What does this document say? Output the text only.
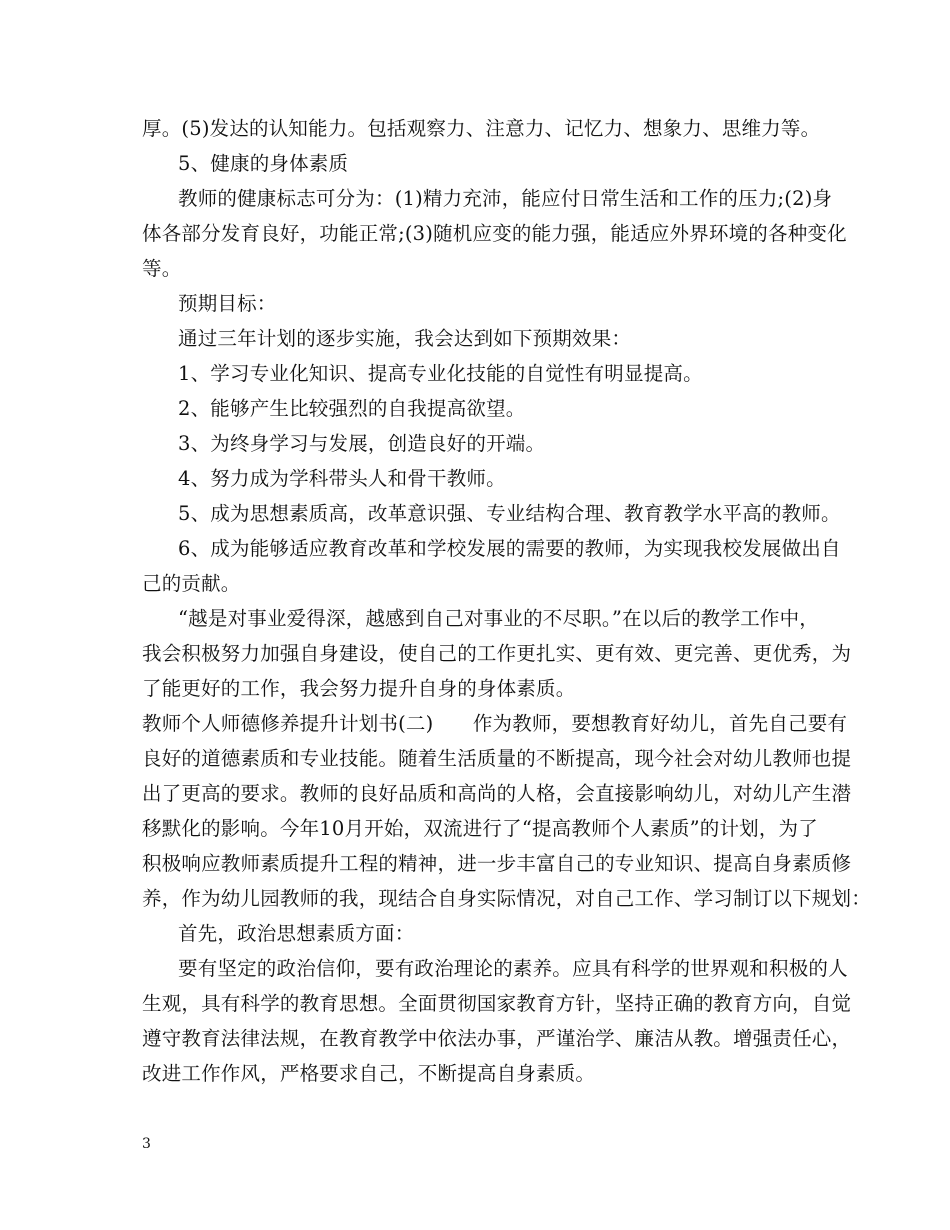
厚。(5)发达的认知能力。包括观察力、注意力、记忆力、想象力、思维力等。
5、健康的身体素质
教师的健康标志可分为：(1)精力充沛，能应付日常生活和工作的压力;(2)身
体各部分发育良好，功能正常;(3)随机应变的能力强，能适应外界环境的各种变化
等。
预期目标：
通过三年计划的逐步实施，我会达到如下预期效果：
1、学习专业化知识、提高专业化技能的自觉性有明显提高。
2、能够产生比较强烈的自我提高欲望。
3、为终身学习与发展，创造良好的开端。
4、努力成为学科带头人和骨干教师。
5、成为思想素质高，改革意识强、专业结构合理、教育教学水平高的教师。
6、成为能够适应教育改革和学校发展的需要的教师，为实现我校发展做出自
己的贡献。
“越是对事业爱得深，越感到自己对事业的不尽职。”在以后的教学工作中，
我会积极努力加强自身建设，使自己的工作更扎实、更有效、更完善、更优秀，为
了能更好的工作，我会努力提升自身的身体素质。
教师个人师德修养提升计划书(二)　　作为教师，要想教育好幼儿，首先自己要有
良好的道德素质和专业技能。随着生活质量的不断提高，现今社会对幼儿教师也提
出了更高的要求。教师的良好品质和高尚的人格，会直接影响幼儿，对幼儿产生潜
移默化的影响。今年10月开始，双流进行了“提高教师个人素质”的计划，为了
积极响应教师素质提升工程的精神，进一步丰富自己的专业知识、提高自身素质修
养，作为幼儿园教师的我，现结合自身实际情况，对自己工作、学习制订以下规划：
首先，政治思想素质方面：
要有坚定的政治信仰，要有政治理论的素养。应具有科学的世界观和积极的人
生观，具有科学的教育思想。全面贯彻国家教育方针，坚持正确的教育方向，自觉
遵守教育法律法规，在教育教学中依法办事，严谨治学、廉洁从教。增强责任心，
改进工作作风，严格要求自己，不断提高自身素质。
3
